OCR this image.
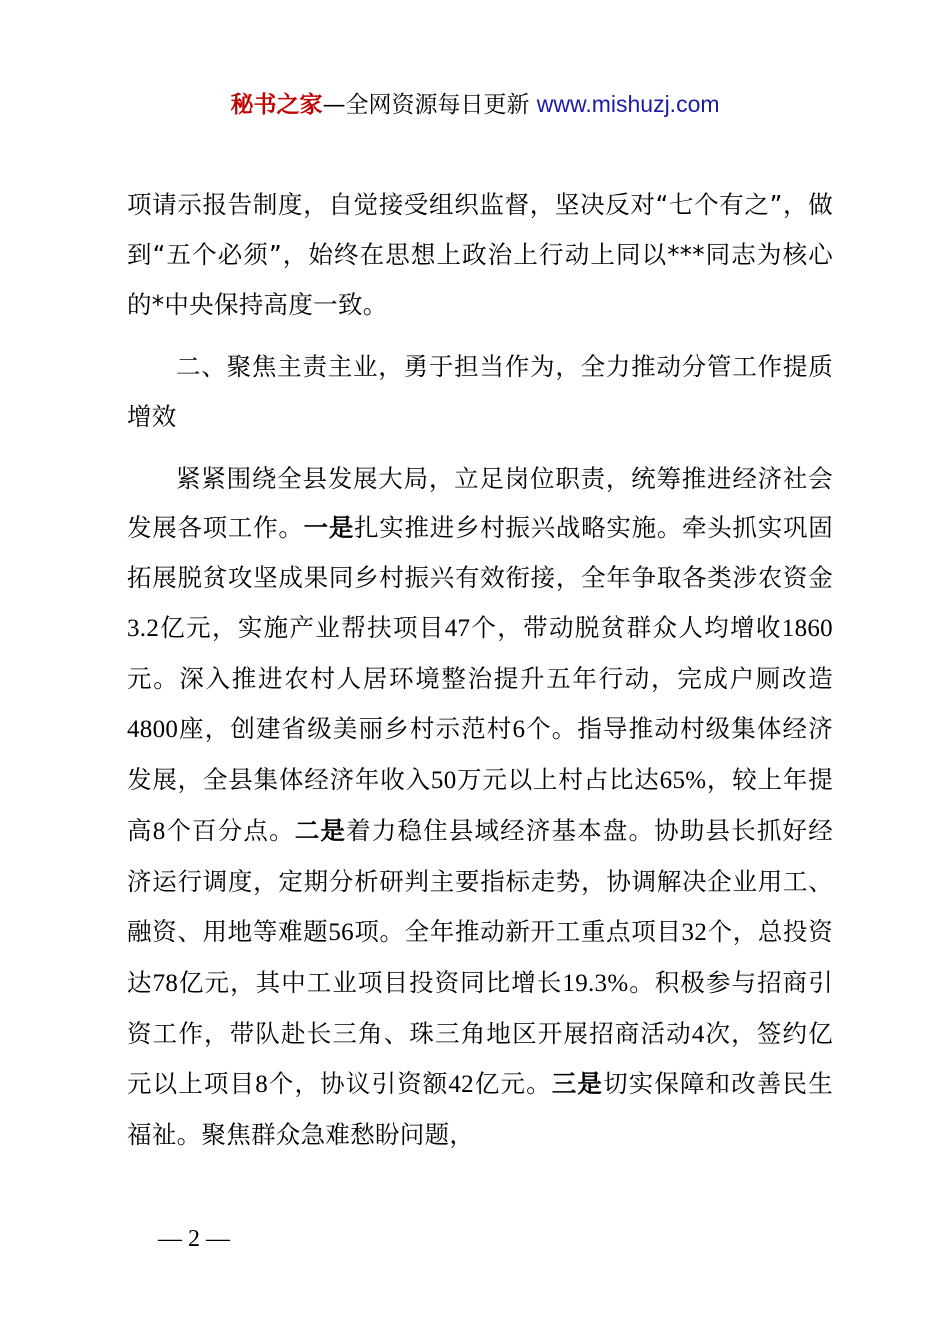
秘书之家—全网资源每日更新 www.mishuzj.com

项请示报告制度，自觉接受组织监督，坚决反对“七个有之”，做到“五个必须”，始终在思想上政治上行动上同以***同志为核心的*中央保持高度一致。

二、聚焦主责主业，勇于担当作为，全力推动分管工作提质增效

紧紧围绕全县发展大局，立足岗位职责，统筹推进经济社会发展各项工作。一是扎实推进乡村振兴战略实施。牵头抓实巩固拓展脱贫攻坚成果同乡村振兴有效衔接，全年争取各类涉农资金3.2亿元，实施产业帮扶项目47个，带动脱贫群众人均增收1860元。深入推进农村人居环境整治提升五年行动，完成户厕改造4800座，创建省级美丽乡村示范村6个。指导推动村级集体经济发展，全县集体经济年收入50万元以上村占比达65%，较上年提高8个百分点。二是着力稳住县域经济基本盘。协助县长抓好经济运行调度，定期分析研判主要指标走势，协调解决企业用工、融资、用地等难题56项。全年推动新开工重点项目32个，总投资达78亿元，其中工业项目投资同比增长19.3%。积极参与招商引资工作，带队赴长三角、珠三角地区开展招商活动4次，签约亿元以上项目8个，协议引资额42亿元。三是切实保障和改善民生福祉。聚焦群众急难愁盼问题，

— 2 —
